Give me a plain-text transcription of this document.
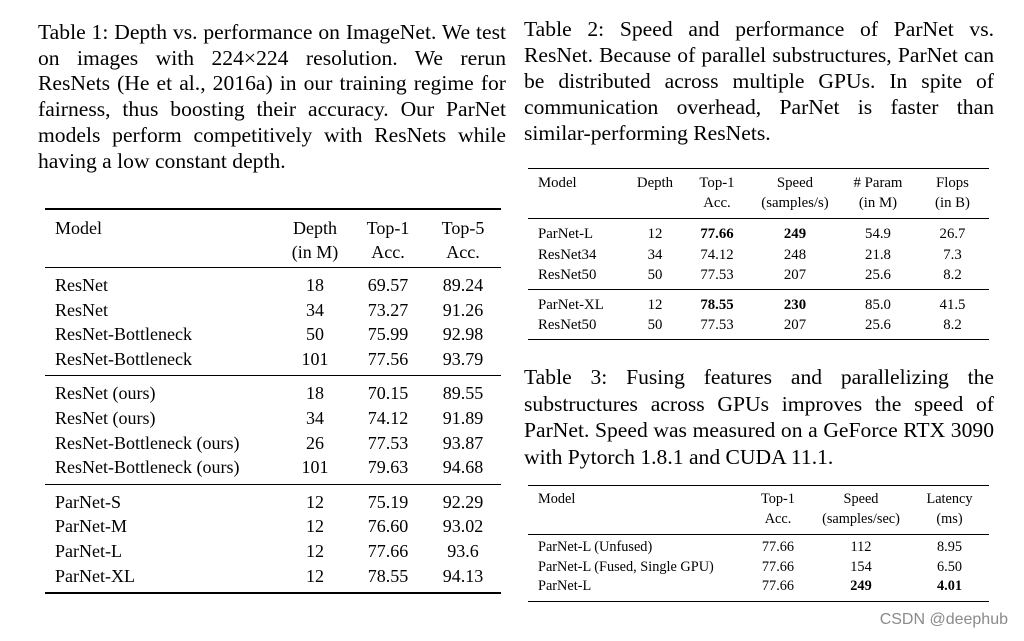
Table 1: Depth vs. performance on ImageNet. We test on images with 224×224 resolution. We rerun ResNets (He et al., 2016a) in our training regime for fairness, thus boosting their accuracy. Our ParNet models perform competitively with ResNets while having a low constant depth.

Model	Depth	Top-1	Top-5
	(in M)	Acc.	Acc.
ResNet	18	69.57	89.24
ResNet	34	73.27	91.26
ResNet-Bottleneck	50	75.99	92.98
ResNet-Bottleneck	101	77.56	93.79
ResNet (ours)	18	70.15	89.55
ResNet (ours)	34	74.12	91.89
ResNet-Bottleneck (ours)	26	77.53	93.87
ResNet-Bottleneck (ours)	101	79.63	94.68
ParNet-S	12	75.19	92.29
ParNet-M	12	76.60	93.02
ParNet-L	12	77.66	93.6
ParNet-XL	12	78.55	94.13

Table 2: Speed and performance of ParNet vs. ResNet. Because of parallel substructures, ParNet can be distributed across multiple GPUs. In spite of communication overhead, ParNet is faster than similar-performing ResNets.

Model	Depth	Top-1	Speed	# Param	Flops
		Acc.	(samples/s)	(in M)	(in B)
ParNet-L	12	77.66	249	54.9	26.7
ResNet34	34	74.12	248	21.8	7.3
ResNet50	50	77.53	207	25.6	8.2
ParNet-XL	12	78.55	230	85.0	41.5
ResNet50	50	77.53	207	25.6	8.2

Table 3: Fusing features and parallelizing the substructures across GPUs improves the speed of ParNet. Speed was measured on a GeForce RTX 3090 with Pytorch 1.8.1 and CUDA 11.1.

Model	Top-1	Speed	Latency
	Acc.	(samples/sec)	(ms)
ParNet-L (Unfused)	77.66	112	8.95
ParNet-L (Fused, Single GPU)	77.66	154	6.50
ParNet-L	77.66	249	4.01
CSDN @deephub
